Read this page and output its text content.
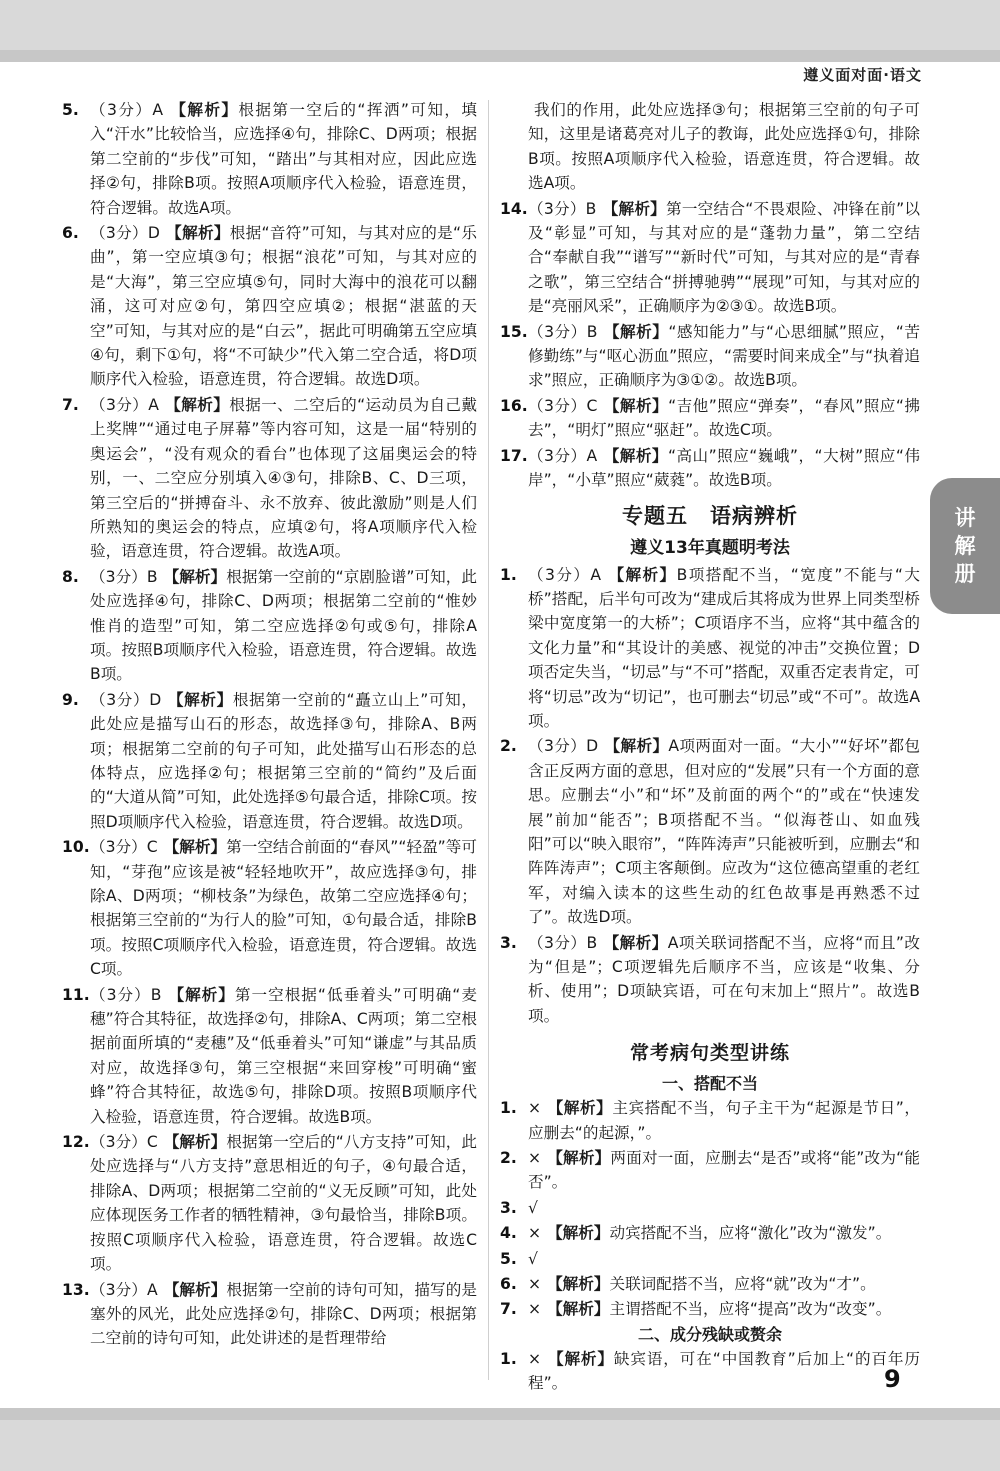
遵义面对面·语文
5. （3分）A 【解析】根据第一空后的“挥洒”可知，填入“汗水”比较恰当，应选择④句，排除C、D两项；根据第二空前的“步伐”可知，“踏出”与其相对应，因此应选择②句，排除B项。按照A项顺序代入检验，语意连贯，符合逻辑。故选A项。
6. （3分）D 【解析】根据“音符”可知，与其对应的是“乐曲”，第一空应填③句；根据“浪花”可知，与其对应的是“大海”，第三空应填⑤句，同时大海中的浪花可以翻涌，这可对应②句，第四空应填②；根据“湛蓝的天空”可知，与其对应的是“白云”，据此可明确第五空应填④句，剩下①句，将“不可缺少”代入第二空合适，将D项顺序代入检验，语意连贯，符合逻辑。故选D项。
7. （3分）A 【解析】根据一、二空后的“运动员为自己戴上奖牌”“通过电子屏幕”等内容可知，这是一届“特别的奥运会”，“没有观众的看台”也体现了这届奥运会的特别，一、二空应分别填入④③句，排除B、C、D三项，第三空后的“拼搏奋斗、永不放弃、彼此激励”则是人们所熟知的奥运会的特点，应填②句，将A项顺序代入检验，语意连贯，符合逻辑。故选A项。
8. （3分）B 【解析】根据第一空前的“京剧脸谱”可知，此处应选择④句，排除C、D两项；根据第二空前的“惟妙惟肖的造型”可知，第二空应选择②句或⑤句，排除A项。按照B项顺序代入检验，语意连贯，符合逻辑。故选B项。
9. （3分）D 【解析】根据第一空前的“矗立山上”可知，此处应是描写山石的形态，故选择③句，排除A、B两项；根据第二空前的句子可知，此处描写山石形态的总体特点，应选择②句；根据第三空前的“简约”及后面的“大道从简”可知，此处选择⑤句最合适，排除C项。按照D项顺序代入检验，语意连贯，符合逻辑。故选D项。
10. （3分）C 【解析】第一空结合前面的“春风”“轻盈”等可知，“芽孢”应该是被“轻轻地吹开”，故应选择③句，排除A、D两项；“柳枝条”为绿色，故第二空应选择④句；根据第三空前的“为行人的脸”可知，①句最合适，排除B项。按照C项顺序代入检验，语意连贯，符合逻辑。故选C项。
11. （3分）B 【解析】第一空根据“低垂着头”可明确“麦穗”符合其特征，故选择②句，排除A、C两项；第二空根据前面所填的“麦穗”及“低垂着头”可知“谦虚”与其品质对应，故选择③句，第三空根据“来回穿梭”可明确“蜜蜂”符合其特征，故选⑤句，排除D项。按照B项顺序代入检验，语意连贯，符合逻辑。故选B项。
12. （3分）C 【解析】根据第一空后的“八方支持”可知，此处应选择与“八方支持”意思相近的句子，④句最合适，排除A、D两项；根据第二空前的“义无反顾”可知，此处应体现医务工作者的牺牲精神，③句最恰当，排除B项。按照C项顺序代入检验，语意连贯，符合逻辑。故选C项。
13. （3分）A 【解析】根据第一空前的诗句可知，描写的是塞外的风光，此处应选择②句，排除C、D两项；根据第二空前的诗句可知，此处讲述的是哲理带给
我们的作用，此处应选择③句；根据第三空前的句子可知，这里是诸葛亮对儿子的教诲，此处应选择①句，排除B项。按照A项顺序代入检验，语意连贯，符合逻辑。故选A项。
14. （3分）B 【解析】第一空结合“不畏艰险、冲锋在前”以及“彰显”可知，与其对应的是“蓬勃力量”，第二空结合“奉献自我”“谱写”“新时代”可知，与其对应的是“青春之歌”，第三空结合“拼搏驰骋”“展现”可知，与其对应的是“亮丽风采”，正确顺序为②③①。故选B项。
15. （3分）B 【解析】“感知能力”与“心思细腻”照应，“苦修勤练”与“呕心沥血”照应，“需要时间来成全”与“执着追求”照应，正确顺序为③①②。故选B项。
16. （3分）C 【解析】“吉他”照应“弹奏”，“春风”照应“拂去”，“明灯”照应“驱赶”。故选C项。
17. （3分）A 【解析】“高山”照应“巍峨”，“大树”照应“伟岸”，“小草”照应“葳蕤”。故选B项。
专题五　语病辨析
遵义13年真题明考法
1. （3分）A 【解析】B项搭配不当，“宽度”不能与“大桥”搭配，后半句可改为“建成后其将成为世界上同类型桥梁中宽度第一的大桥”；C项语序不当，应将“其中蕴含的文化力量”和“其设计的美感、视觉的冲击”交换位置；D项否定失当，“切忌”与“不可”搭配，双重否定表肯定，可将“切忌”改为“切记”，也可删去“切忌”或“不可”。故选A项。
2. （3分）D 【解析】A项两面对一面。“大小”“好坏”都包含正反两方面的意思，但对应的“发展”只有一个方面的意思。应删去“小”和“坏”及前面的两个“的”或在“快速发展”前加“能否”；B项搭配不当。“似海苍山、如血残阳”可以“映入眼帘”，“阵阵涛声”只能被听到，应删去“和阵阵涛声”；C项主客颠倒。应改为“这位德高望重的老红军，对编入读本的这些生动的红色故事是再熟悉不过了”。故选D项。
3. （3分）B 【解析】A项关联词搭配不当，应将“而且”改为“但是”；C项逻辑先后顺序不当，应该是“收集、分析、使用”；D项缺宾语，可在句末加上“照片”。故选B项。
常考病句类型讲练
一、搭配不当
1. × 【解析】主宾搭配不当，句子主干为“起源是节日”，应删去“的起源，”。
2. × 【解析】两面对一面，应删去“是否”或将“能”改为“能否”。
3. √
4. × 【解析】动宾搭配不当，应将“激化”改为“激发”。
5. √
6. × 【解析】关联词配搭不当，应将“就”改为“才”。
7. × 【解析】主谓搭配不当，应将“提高”改为“改变”。
二、成分残缺或赘余
1. × 【解析】缺宾语，可在“中国教育”后加上“的百年历程”。
讲
解
册
9
